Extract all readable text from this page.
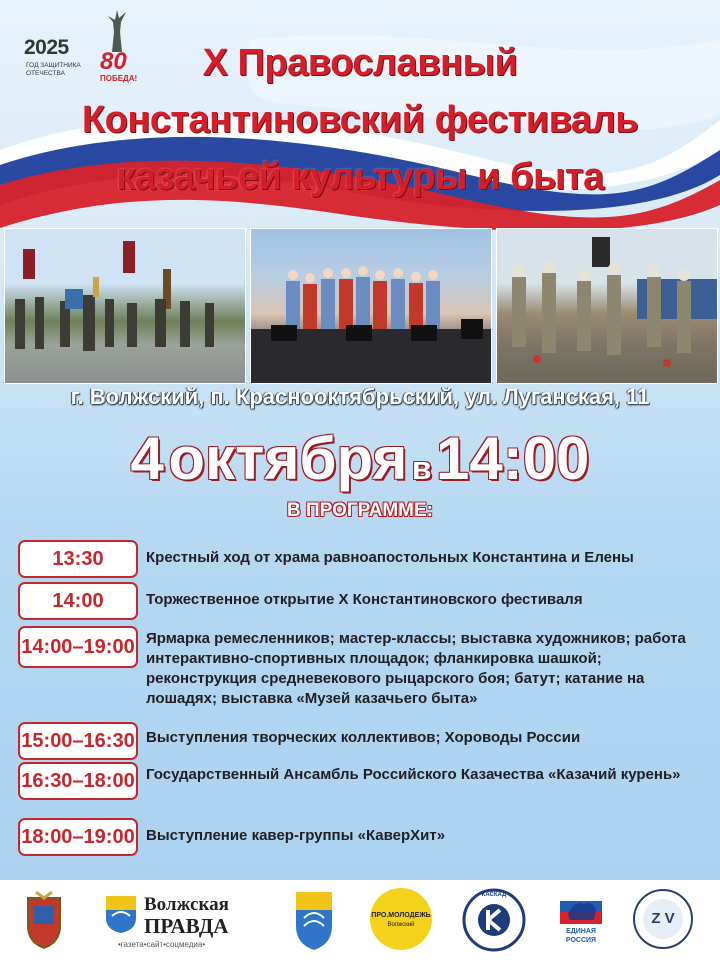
2025
ГОД ЗАЩИТНИКА ОТЕЧЕСТВА	80
ПОБЕДА!	X Православный
Константиновский фестиваль
казачьей культуры и быта
г. Волжский, п. Краснооктябрьский, ул. Луганская, 11
4 октября в 14:00
В ПРОГРАММЕ:
13:30	Крестный ход от храма равноапостольных Константина и Елены
14:00	Торжественное открытие X Константиновского фестиваля
14:00–19:00 Ярмарка ремесленников; мастер-классы; выставка художников; работа интерактивно-спортивных площадок; фланкировка шашкой; реконструкция средневекового рыцарского боя; батут; катание на лошадях; выставка «Музей казачьего быта»
15:00–16:30 Выступления творческих коллективов; Хороводы России
16:30–18:00 Государственный Ансамбль Российского Казачества «Казачий курень»
18:00–19:00 Выступление кавер-группы «КаверХит»
Волжская
ПРАВДА
•газета•сайт•соцмедиа•
ПРО.МОЛОДЕЖЬ
Волжский
КАСКАД
ЕДИНАЯ
РОССИЯ
Z V
